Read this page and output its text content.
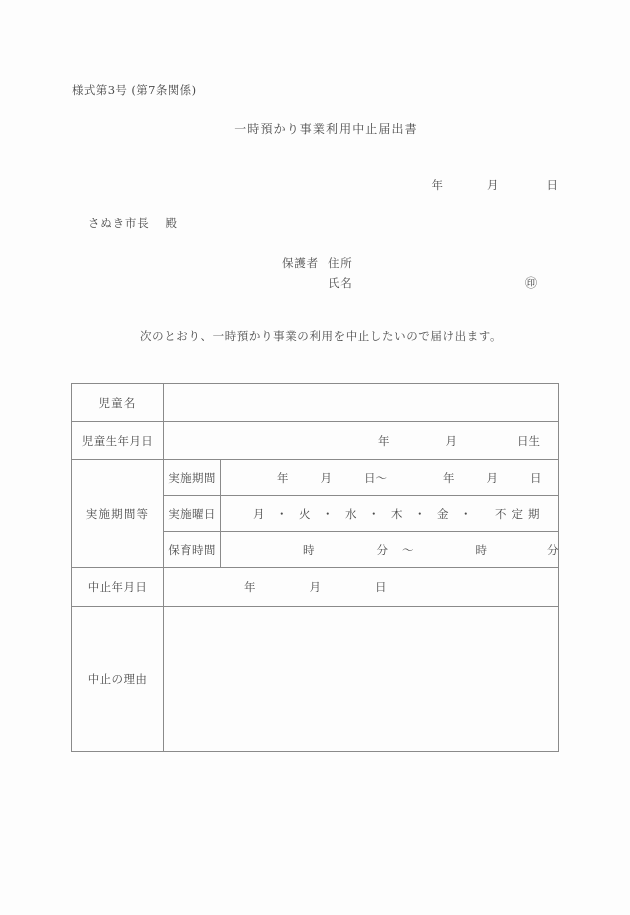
様式第3号 (第7条関係)
一時預かり事業利用中止届出書
年	月	日
さぬき市長 殿
保護者 住所
氏名	㊞
次のとおり、一時預かり事業の利用を中止したいので届け出ます。
児童名		
児童生年月日	年 月 日生	

実施期間等	実施期間	年 月 日～ 年 月 日

	実施曜日	月 ・ 火 ・ 水 ・ 木 ・ 金 ・ 不定期

	保育時間	時 分 ～ 時 分

中止年月日	年 月 日	

中止の理由		
